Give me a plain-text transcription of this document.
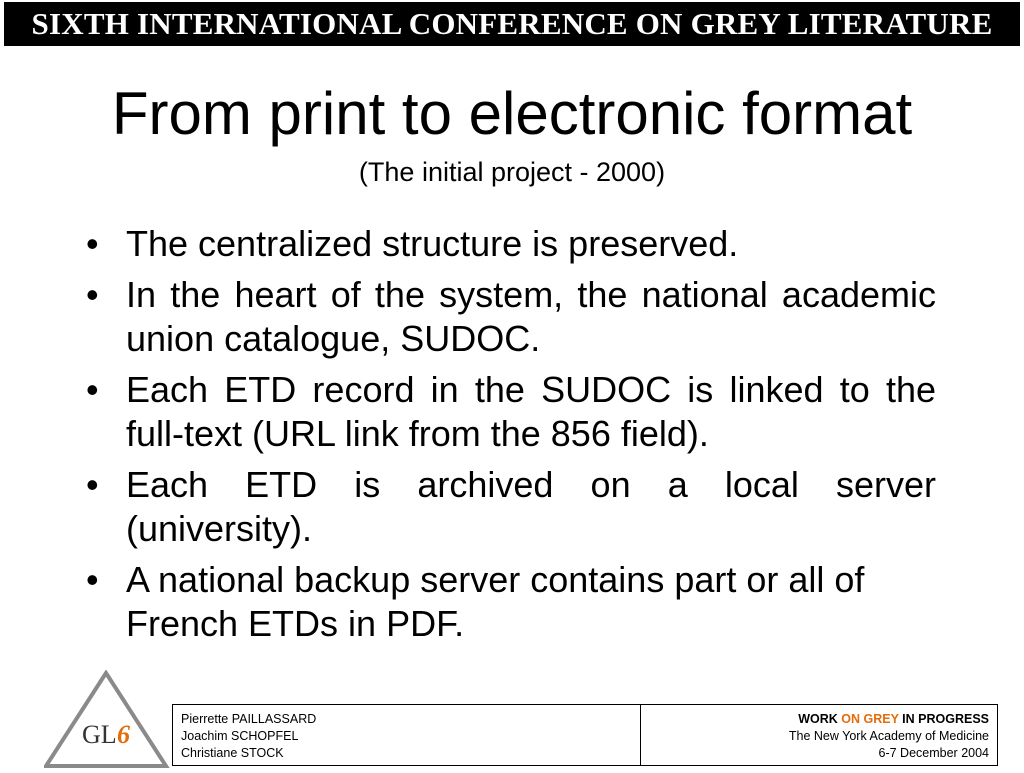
SIXTH INTERNATIONAL CONFERENCE ON GREY LITERATURE
From print to electronic format
(The initial project - 2000)
• The centralized structure is preserved.
• In the heart of the system, the national academic union catalogue, SUDOC.
• Each ETD record in the SUDOC is linked to the full-text (URL link from the 856 field).
• Each ETD is archived on a local server (university).
• A national backup server contains part or all of French ETDs in PDF.
GL 6
Pierrette PAILLASSARD
Joachim SCHOPFEL
Christiane STOCK
WORK ON GREY IN PROGRESS
The New York Academy of Medicine
6-7 December 2004
